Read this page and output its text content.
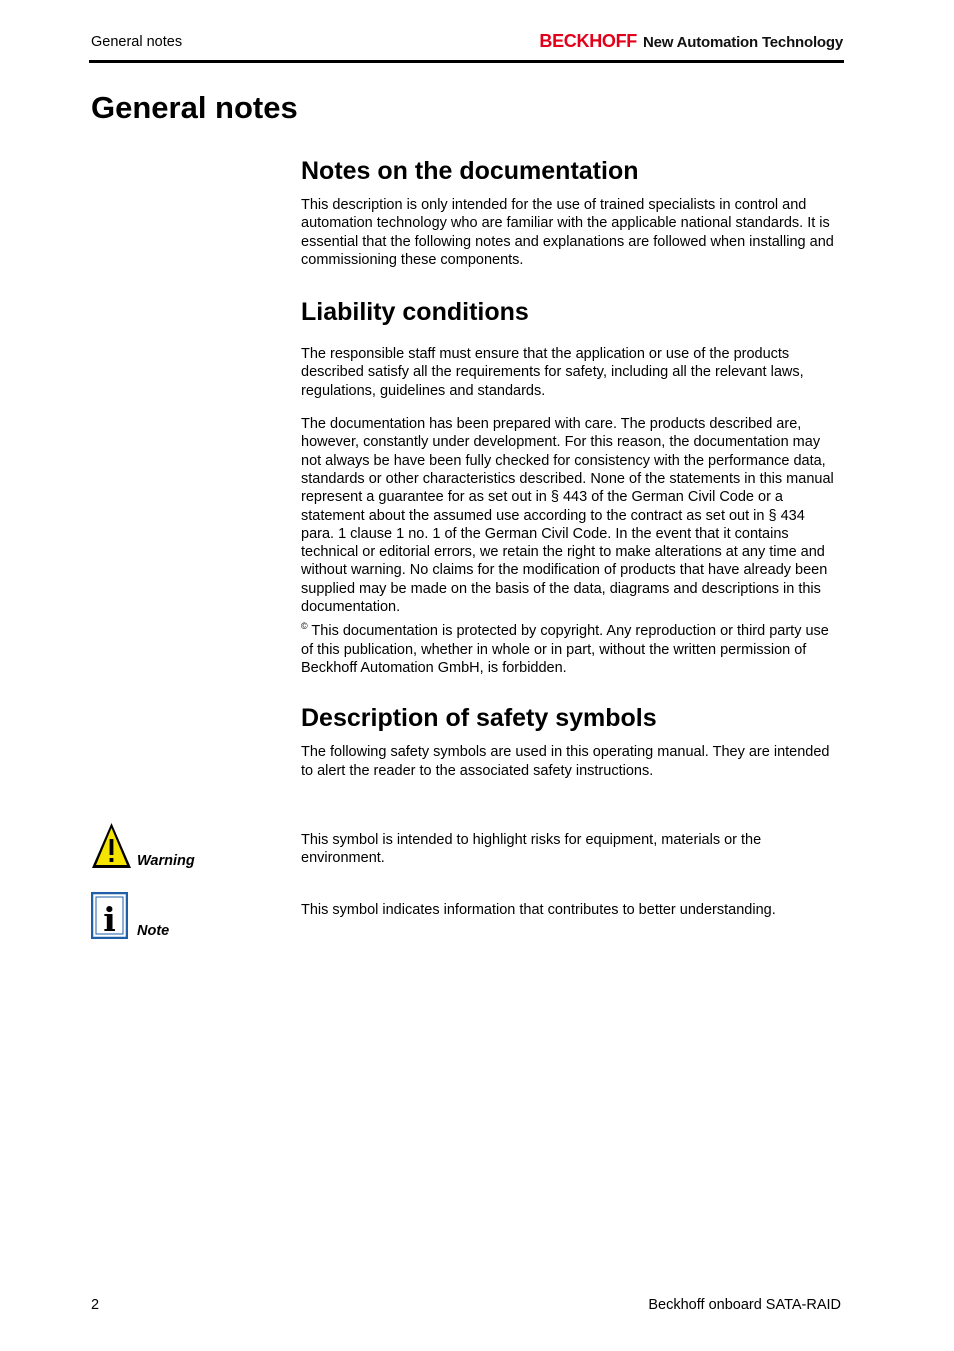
General notes	BECKHOFF New Automation Technology
General notes
Notes on the documentation

This description is only intended for the use of trained specialists in control and automation technology who are familiar with the applicable national standards. It is essential that the following notes and explanations are followed when installing and commissioning these components.

Liability conditions

The responsible staff must ensure that the application or use of the products described satisfy all the requirements for safety, including all the relevant laws, regulations, guidelines and standards.

The documentation has been prepared with care. The products described are, however, constantly under development. For this reason, the documentation may not always be have been fully checked for consistency with the performance data, standards or other characteristics described. None of the statements in this manual represent a guarantee for as set out in § 443 of the German Civil Code or a statement about the assumed use according to the contract as set out in § 434 para. 1 clause 1 no. 1 of the German Civil Code. In the event that it contains technical or editorial errors, we retain the right to make alterations at any time and without warning. No claims for the modification of products that have already been supplied may be made on the basis of the data, diagrams and descriptions in this documentation.

© This documentation is protected by copyright. Any reproduction or third party use of this publication, whether in whole or in part, without the written permission of Beckhoff Automation GmbH, is forbidden.

Description of safety symbols

The following safety symbols are used in this operating manual. They are intended to alert the reader to the associated safety instructions.

Warning

This symbol is intended to highlight risks for equipment, materials or the environment.

i Note

This symbol indicates information that contributes to better understanding.

2	Beckhoff onboard SATA-RAID
